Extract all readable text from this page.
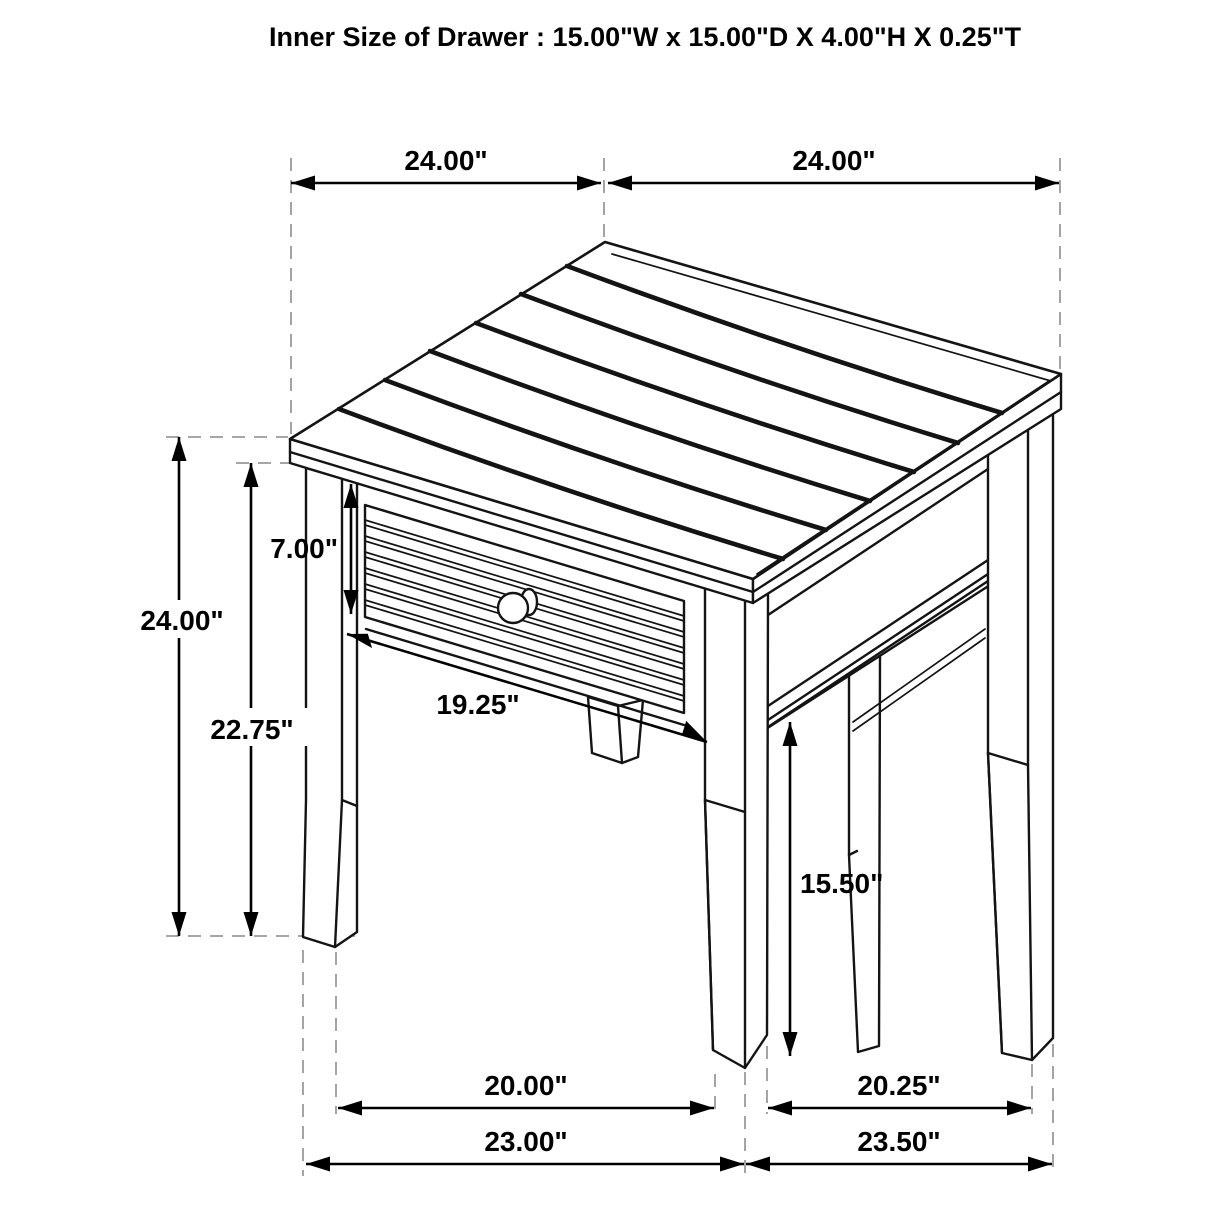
Inner Size of Drawer : 15.00"W x 15.00"D X 4.00"H X 0.25"T
24.00"	24.00"
24.00"
22.75"
7.00"
19.25"
15.50"
20.00"	20.25"
23.00"	23.50"
